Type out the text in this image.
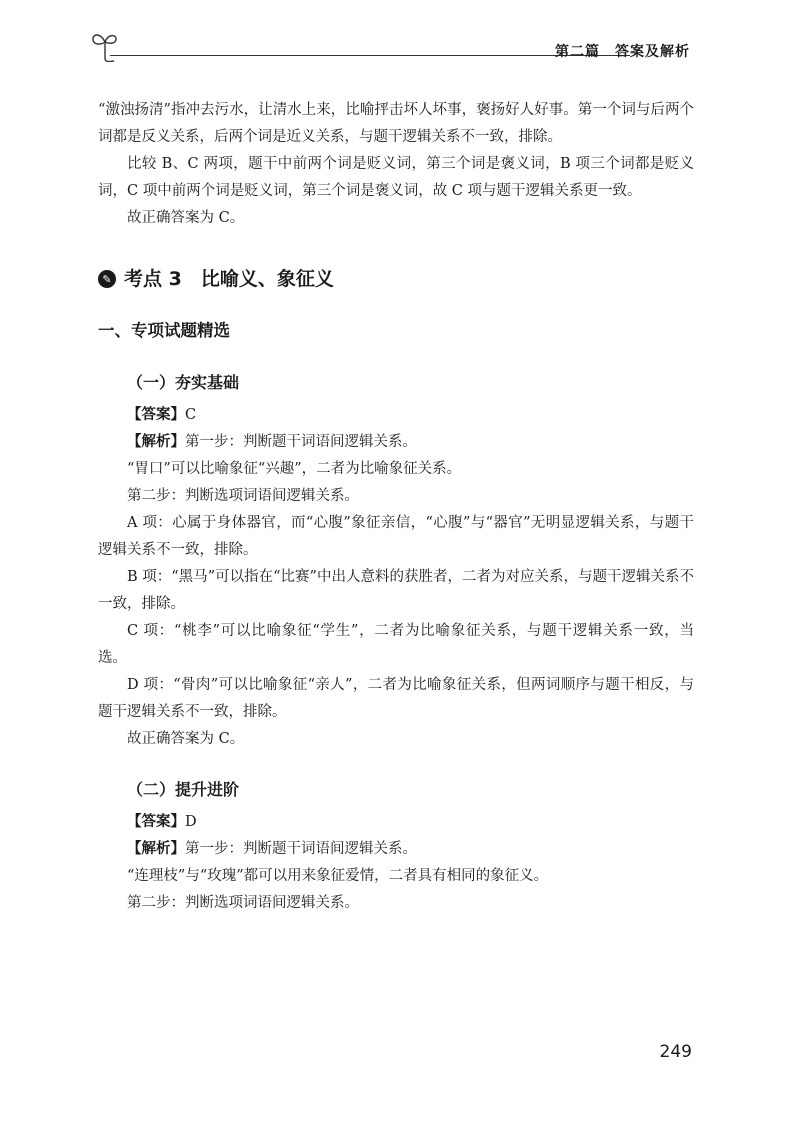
第二篇　答案及解析

“激浊扬清”指冲去污水，让清水上来，比喻抨击坏人坏事，褒扬好人好事。第一个词与后两个词都是反义关系，后两个词是近义关系，与题干逻辑关系不一致，排除。

比较 B、C 两项，题干中前两个词是贬义词，第三个词是褒义词，B 项三个词都是贬义词，C 项中前两个词是贬义词，第三个词是褒义词，故 C 项与题干逻辑关系更一致。

故正确答案为 C。

✎ 考点 3　比喻义、象征义
一、专项试题精选
（一）夯实基础
【答案】C
【解析】第一步：判断题干词语间逻辑关系。

“胃口”可以比喻象征“兴趣”，二者为比喻象征关系。

第二步：判断选项词语间逻辑关系。

A 项：心属于身体器官，而“心腹”象征亲信，“心腹”与“器官”无明显逻辑关系，与题干逻辑关系不一致，排除。

B 项：“黑马”可以指在“比赛”中出人意料的获胜者，二者为对应关系，与题干逻辑关系不一致，排除。

C 项：“桃李”可以比喻象征“学生”，二者为比喻象征关系，与题干逻辑关系一致，当选。

D 项：“骨肉”可以比喻象征“亲人”，二者为比喻象征关系，但两词顺序与题干相反，与题干逻辑关系不一致，排除。

故正确答案为 C。

（二）提升进阶
【答案】D
【解析】第一步：判断题干词语间逻辑关系。

“连理枝”与“玫瑰”都可以用来象征爱情，二者具有相同的象征义。

第二步：判断选项词语间逻辑关系。

249
